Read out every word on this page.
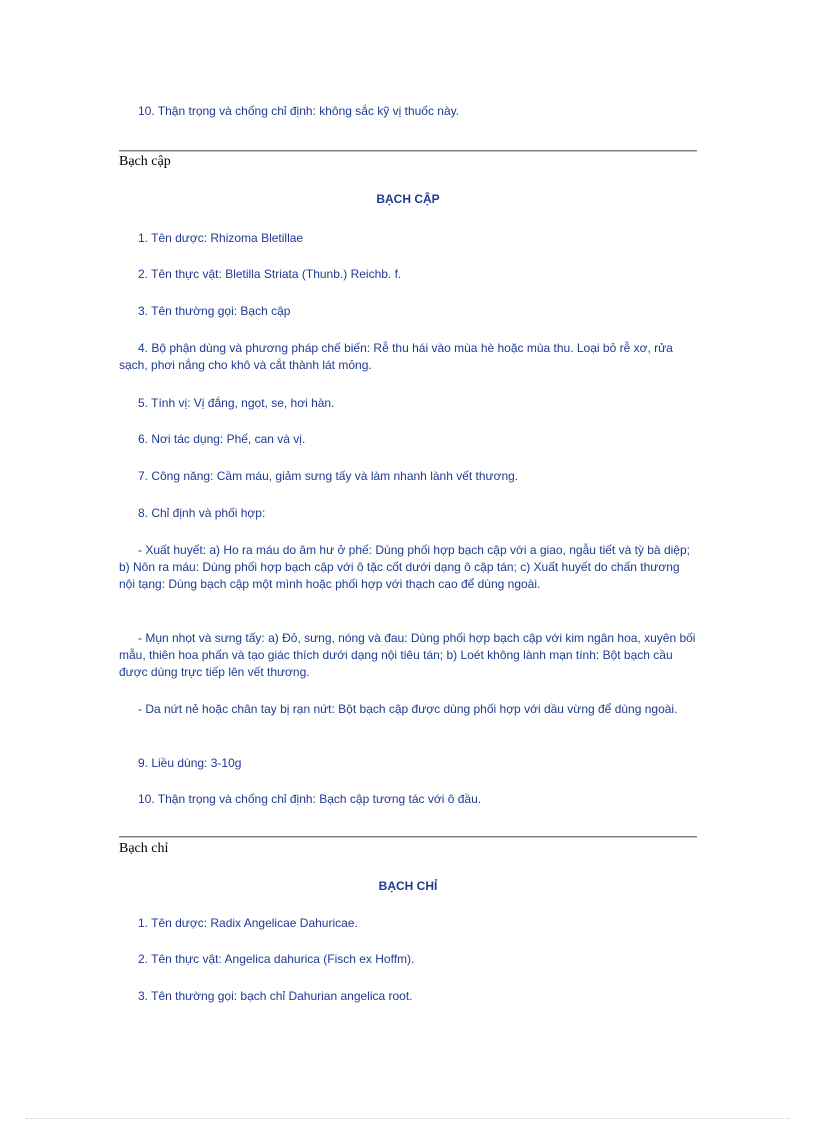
10. Thận trọng và chống chỉ định: không sắc kỹ vị thuốc này.
Bạch cập
BẠCH CẬP
1. Tên dược: Rhizoma Bletillae
2. Tên thực vật: Bletilla Striata (Thunb.) Reichb. f.
3. Tên thường gọi: Bạch cập
4. Bộ phận dùng và phương pháp chế biến: Rễ thu hái vào mùa hè hoặc mùa thu. Loại bỏ rễ xơ, rửa sạch, phơi nắng cho khô và cắt thành lát mỏng.
5. Tính vị: Vị đắng, ngọt, se, hơi hàn.
6. Nơi tác dụng: Phế, can và vị.
7. Công năng: Cầm máu, giảm sưng tấy và làm nhanh lành vết thương.
8. Chỉ định và phối hợp:
- Xuất huyết: a) Ho ra máu do âm hư ở phế: Dùng phối hợp bạch cập với a giao, ngẫu tiết và tỳ bà diệp; b) Nôn ra máu: Dùng phối hợp bạch cập với ô tặc cốt dưới dạng ô cập tán; c) Xuất huyết do chấn thương nội tạng: Dùng bạch cập một mình hoặc phối hợp với thạch cao để dùng ngoài.
- Mụn nhọt và sưng tấy: a) Đỏ, sưng, nóng và đau: Dùng phối hợp bạch cập với kim ngân hoa, xuyên bối mẫu, thiên hoa phấn và tạo giác thích dưới dạng nội tiêu tán; b) Loét không lành mạn tính: Bột bạch cầu được dùng trực tiếp lên vết thương.
- Da nứt nẻ hoặc chân tay bị rạn nứt: Bột bạch cập được dùng phối hợp với dầu vừng để dùng ngoài.
9. Liều dùng: 3-10g
10. Thận trọng và chống chỉ định: Bạch cập tương tác với ô đầu.
Bạch chỉ
BẠCH CHỈ
1. Tên dược: Radix Angelicae Dahuricae.
2. Tên thực vật: Angelica dahurica (Fisch ex Hoffm).
3. Tên thường gọi: bạch chỉ Dahurian angelica root.
